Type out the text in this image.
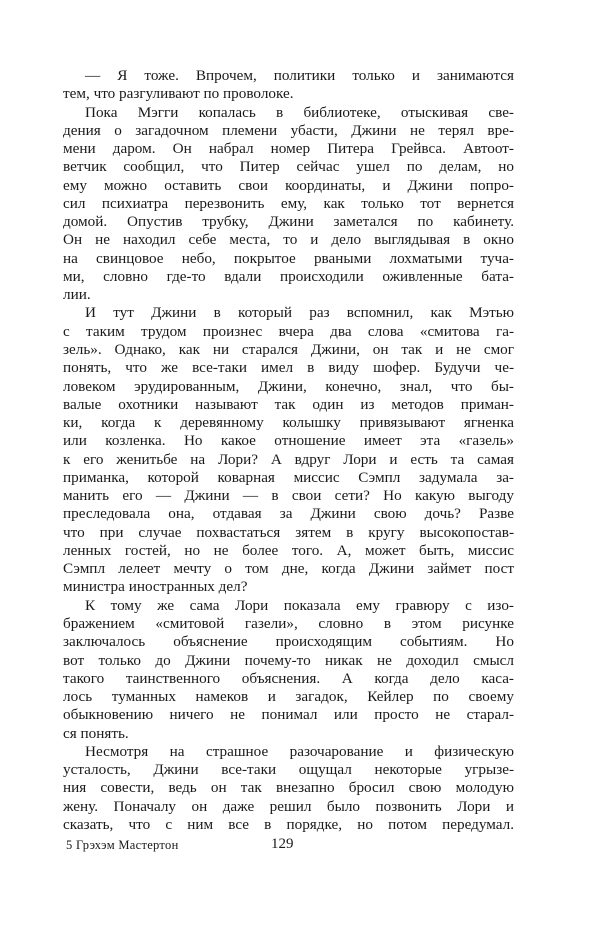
— Я тоже. Впрочем, политики только и занимаются
тем, что разгуливают по проволоке.
Пока Мэгги копалась в библиотеке, отыскивая све-
дения о загадочном племени убасти, Джини не терял вре-
мени даром. Он набрал номер Питера Грейвса. Автоот-
ветчик сообщил, что Питер сейчас ушел по делам, но
ему можно оставить свои координаты, и Джини попро-
сил психиатра перезвонить ему, как только тот вернется
домой. Опустив трубку, Джини заметался по кабинету.
Он не находил себе места, то и дело выглядывая в окно
на свинцовое небо, покрытое рваными лохматыми туча-
ми, словно где-то вдали происходили оживленные бата-
лии.
И тут Джини в который раз вспомнил, как Мэтью
с таким трудом произнес вчера два слова «смитова га-
зель». Однако, как ни старался Джини, он так и не смог
понять, что же все-таки имел в виду шофер. Будучи че-
ловеком эрудированным, Джини, конечно, знал, что бы-
валые охотники называют так один из методов приман-
ки, когда к деревянному колышку привязывают ягненка
или козленка. Но какое отношение имеет эта «газель»
к его женитьбе на Лори? А вдруг Лори и есть та самая
приманка, которой коварная миссис Сэмпл задумала за-
манить его — Джини — в свои сети? Но какую выгоду
преследовала она, отдавая за Джини свою дочь? Разве
что при случае похвастаться зятем в кругу высокопостав-
ленных гостей, но не более того. А, может быть, миссис
Сэмпл лелеет мечту о том дне, когда Джини займет пост
министра иностранных дел?
К тому же сама Лори показала ему гравюру с изо-
бражением «смитовой газели», словно в этом рисунке
заключалось объяснение происходящим событиям. Но
вот только до Джини почему-то никак не доходил смысл
такого таинственного объяснения. А когда дело каса-
лось туманных намеков и загадок, Кейлер по своему
обыкновению ничего не понимал или просто не старал-
ся понять.
Несмотря на страшное разочарование и физическую
усталость, Джини все-таки ощущал некоторые угрызе-
ния совести, ведь он так внезапно бросил свою молодую
жену. Поначалу он даже решил было позвонить Лори и
сказать, что с ним все в порядке, но потом передумал.
5 Грэхэм Мастертон	129
